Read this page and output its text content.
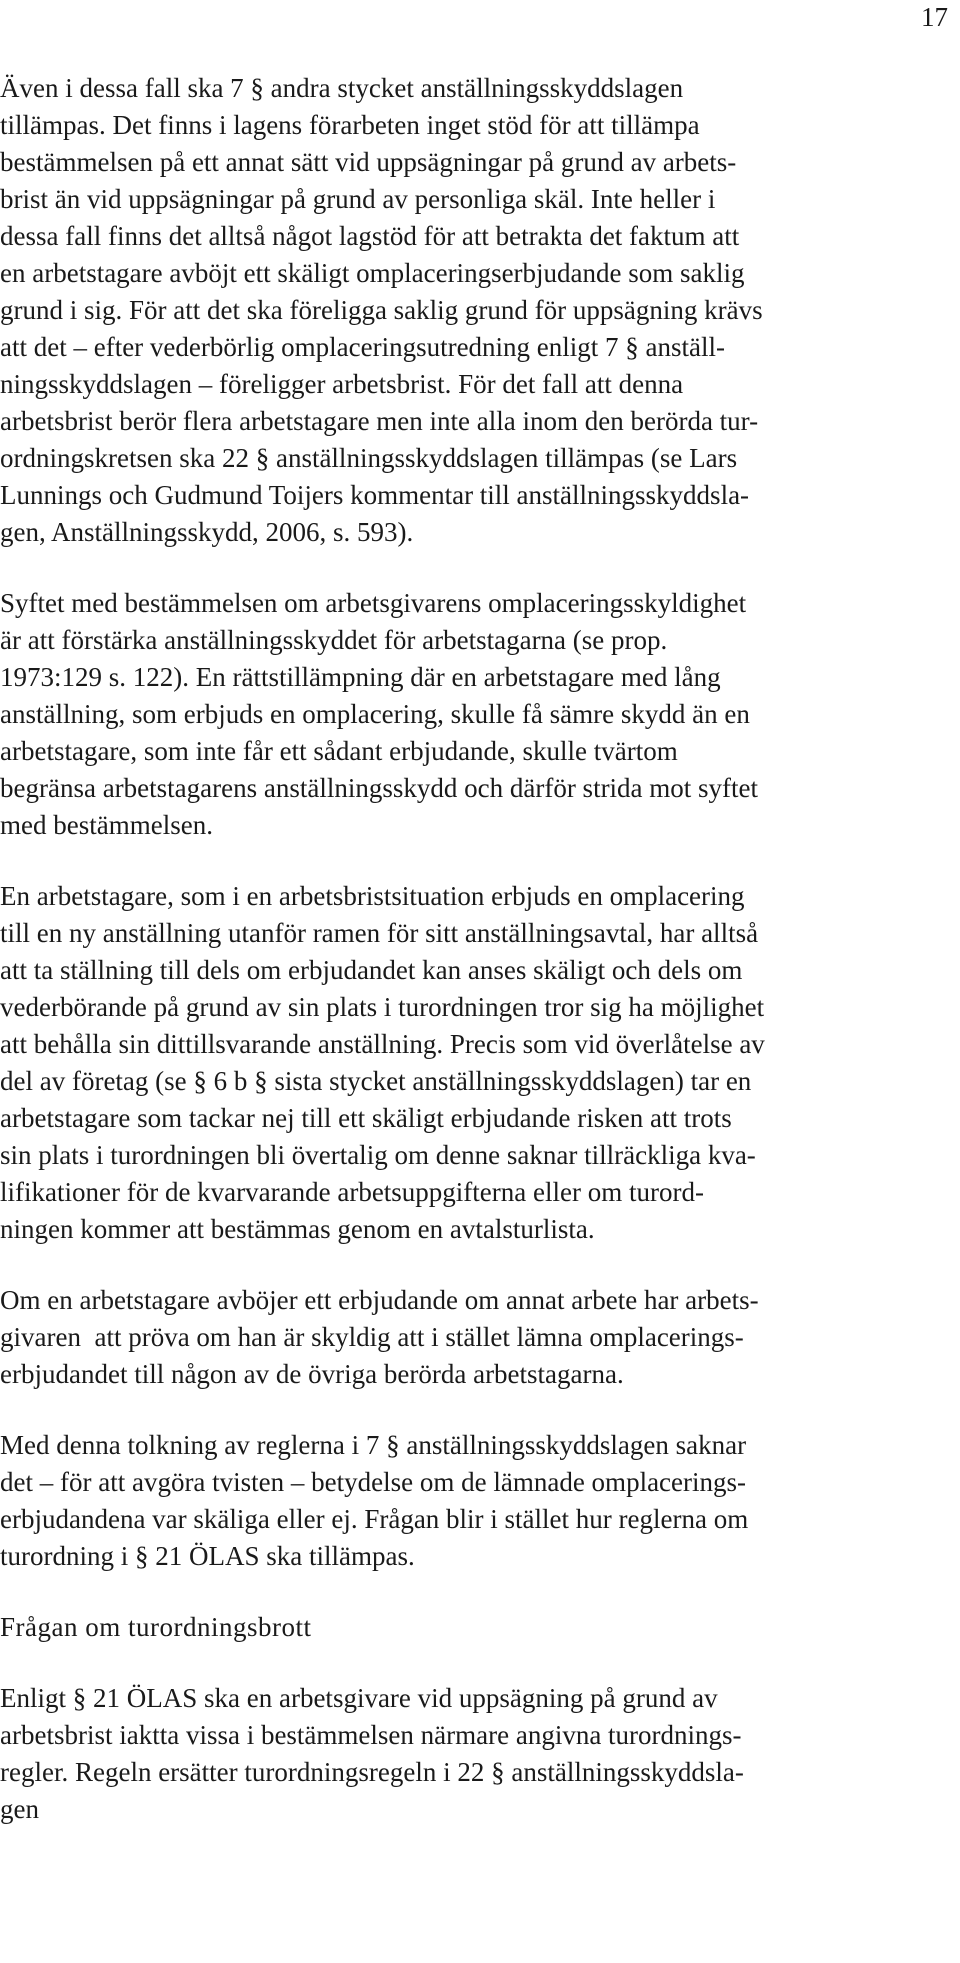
17
Även i dessa fall ska 7 § andra stycket anställningsskyddslagen
tillämpas. Det finns i lagens förarbeten inget stöd för att tillämpa
bestämmelsen på ett annat sätt vid uppsägningar på grund av arbets-
brist än vid uppsägningar på grund av personliga skäl. Inte heller i
dessa fall finns det alltså något lagstöd för att betrakta det faktum att
en arbetstagare avböjt ett skäligt omplaceringserbjudande som saklig
grund i sig. För att det ska föreligga saklig grund för uppsägning krävs
att det – efter vederbörlig omplaceringsutredning enligt 7 § anställ-
ningsskyddslagen – föreligger arbetsbrist. För det fall att denna
arbetsbrist berör flera arbetstagare men inte alla inom den berörda tur-
ordningskretsen ska 22 § anställningsskyddslagen tillämpas (se Lars
Lunnings och Gudmund Toijers kommentar till anställningsskyddsla-
gen, Anställningsskydd, 2006, s. 593).
Syftet med bestämmelsen om arbetsgivarens omplaceringsskyldighet
är att förstärka anställningsskyddet för arbetstagarna (se prop.
1973:129 s. 122). En rättstillämpning där en arbetstagare med lång
anställning, som erbjuds en omplacering, skulle få sämre skydd än en
arbetstagare, som inte får ett sådant erbjudande, skulle tvärtom
begränsa arbetstagarens anställningsskydd och därför strida mot syftet
med bestämmelsen.
En arbetstagare, som i en arbetsbristsituation erbjuds en omplacering
till en ny anställning utanför ramen för sitt anställningsavtal, har alltså
att ta ställning till dels om erbjudandet kan anses skäligt och dels om
vederbörande på grund av sin plats i turordningen tror sig ha möjlighet
att behålla sin dittillsvarande anställning. Precis som vid överlåtelse av
del av företag (se § 6 b § sista stycket anställningsskyddslagen) tar en
arbetstagare som tackar nej till ett skäligt erbjudande risken att trots
sin plats i turordningen bli övertalig om denne saknar tillräckliga kva-
lifikationer för de kvarvarande arbetsuppgifterna eller om turord-
ningen kommer att bestämmas genom en avtalsturlista.
Om en arbetstagare avböjer ett erbjudande om annat arbete har arbets-
givaren  att pröva om han är skyldig att i stället lämna omplacerings-
erbjudandet till någon av de övriga berörda arbetstagarna.
Med denna tolkning av reglerna i 7 § anställningsskyddslagen saknar
det – för att avgöra tvisten – betydelse om de lämnade omplacerings-
erbjudandena var skäliga eller ej. Frågan blir i stället hur reglerna om
turordning i § 21 ÖLAS ska tillämpas.
Frågan om turordningsbrott
Enligt § 21 ÖLAS ska en arbetsgivare vid uppsägning på grund av
arbetsbrist iaktta vissa i bestämmelsen närmare angivna turordnings-
regler. Regeln ersätter turordningsregeln i 22 § anställningsskyddsla-
gen
